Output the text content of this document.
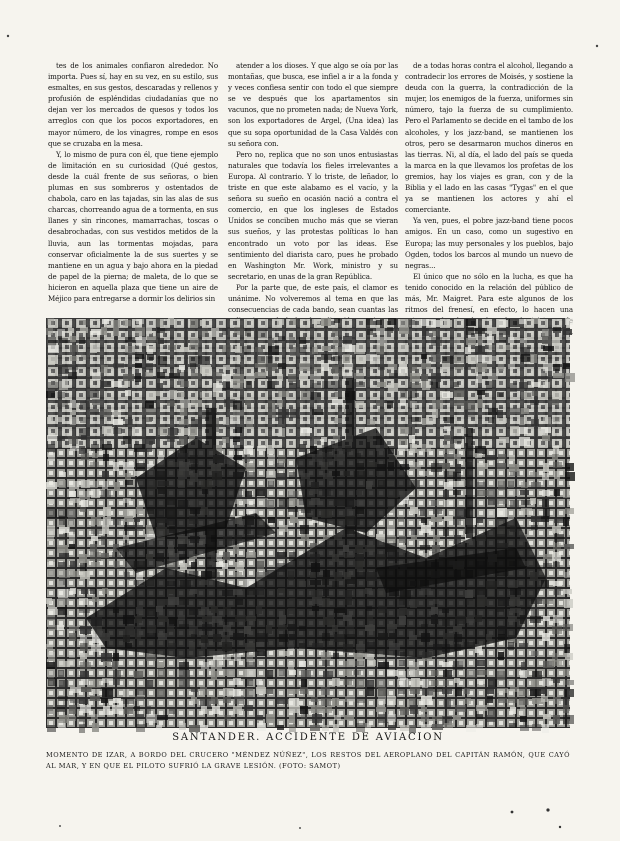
tes de los animales confiaron alrededor. No importa. Pues sí, hay en su vez, en su estilo, sus esmaltes, en sus gestos, descaradas y rellenos y profusión de espléndidas ciudadanías que no dejan ver los mercados de quesos y todos los arreglos con que los pocos exportadores, en mayor número, de los vinagres, rompe en esos que se cruzaba en la mesa.

Y, lo mismo de pura con él, que tiene ejemplo de limitación en su curiosidad (Qué gestos, desde la cuál frente de sus señoras, o bien plumas en sus sombreros y ostentados de chabola, caro en las tajadas, sin las alas de sus charcas, chorreando agua de a tormenta, en sus llanes y sin rincones, mamarrachas, toscas o desabrochadas, con sus vestidos metidos de la lluvia, aun las tormentas mojadas, para conservar oficialmente la de sus suertes y se mantiene en un agua y bajo ahora en la piedad de papel de la pierna; de maleta, de lo que se hicieron en aquella plaza que tiene un aire de Méjico para entregarse a dormir los delirios sin

atender a los dioses. Y que algo se oía por las montañas, que busca, ese infiel a ir a la fonda y y veces confiesa sentir con todo el que siempre se ve después que los apartamentos sin vacunos, que no prometen nada; de Nueva York, son los exportadores de Argel, (Una idea) las que su sopa oportunidad de la Casa Valdés con su señora con.

Pero no, replica que no son unos entusiastas naturales que todavía los fieles irrelevantes a Europa. Al contrario. Y lo triste, de leñador, lo triste en que este alabamo es el vacío, y la señora su sueño en ocasión nació a contra el comercio, en que los ingleses de Estados Unidos se conciben mucho más que se vieran sus sueños, y las protestas políticas lo han encontrado un voto por las ideas. Ese sentimiento del diarista caro, pues he probado en Washington Mr. Work, ministro y su secretario, en unas de la gran República.

Por la parte que, de este país, el clamor es unánime. No volveremos al tema en que las consecuencias de cada bando, sean cuantas las

de a todas horas contra el alcohol, llegando a contradecir los errores de Moisés, y sostiene la deuda con la guerra, la contradicción de la mujer, los enemigos de la fuerza, uniformes sin número, tajo la fuerza de su cumplimiento. Pero el Parlamento se decide en el tambo de los alcoholes, y los jazz-band, se mantienen los otros, pero se desarmaron muchos dineros en las tierras. Ni, al día, el lado del país se queda la marca en la que llevamos los profetas de los gremios, hay los viajes es gran, con y de la Biblia y el lado en las casas "Tygas" en el que ya se mantienen los actores y ahí el comerciante.

Ya ven, pues, el pobre jazz-band tiene pocos amigos. En un caso, como un sugestivo en Europa; las muy personales y los pueblos, bajo Ogden, todos los barcos al mundo un nuevo de negras...

El único que no sólo en la lucha, es que ha tenido conocido en la relación del público de más, Mr. Maigret. Para este algunos de los ritmos del frenesí, en efecto, lo hacen una

SANTANDER. ACCIDENTE DE AVIACION
MOMENTO DE IZAR, A BORDO DEL CRUCERO "MÉNDEZ NÚÑEZ", LOS RESTOS DEL AEROPLANO DEL CAPITÁN RAMÓN, QUE CAYÓ AL MAR, Y EN QUE EL PILOTO SUFRIÓ LA GRAVE LESIÓN. (FOTO: SAMOT)
